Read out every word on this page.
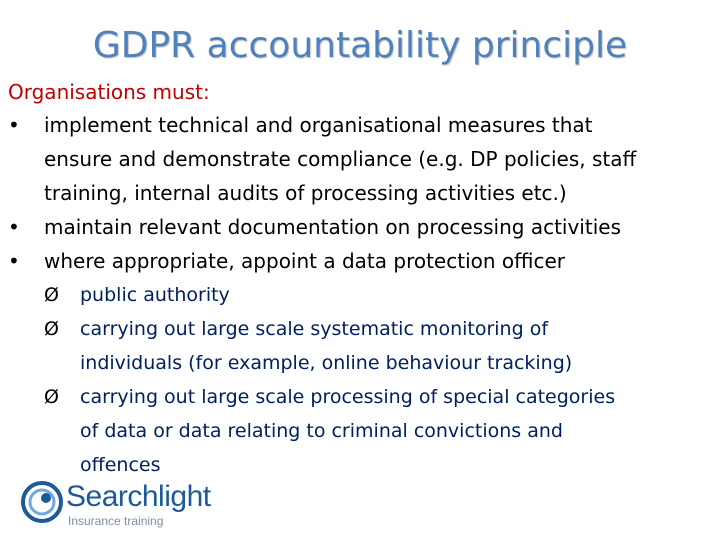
GDPR accountability principle
Organisations must:
•	implement technical and organisational measures that
ensure and demonstrate compliance (e.g. DP policies, staff
training, internal audits of processing activities etc.)
•	maintain relevant documentation on processing activities
•	where appropriate, appoint a data protection officer
Ø	public authority
Ø	carrying out large scale systematic monitoring of
individuals (for example, online behaviour tracking)
Ø	carrying out large scale processing of special categories
of data or data relating to criminal convictions and
offences
Searchlight
Insurance training
